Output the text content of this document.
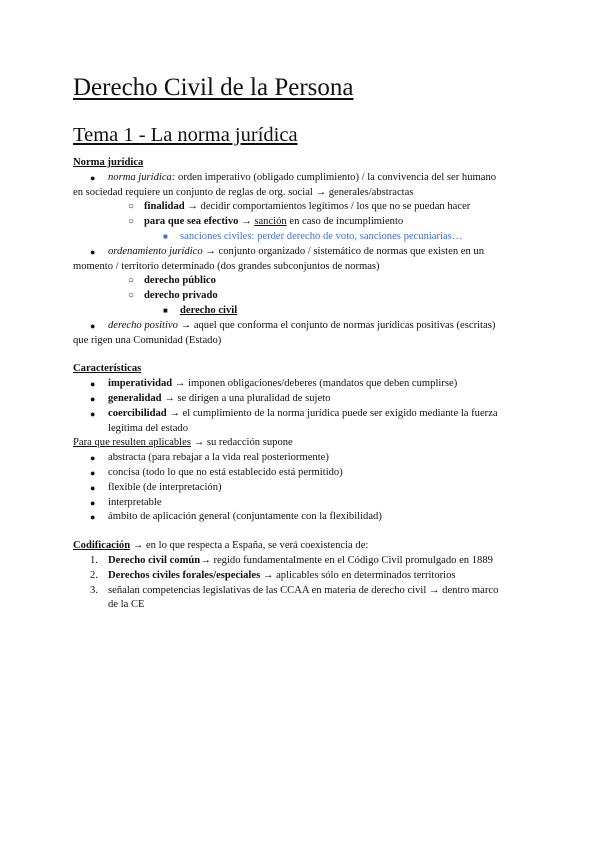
Derecho Civil de la Persona
Tema 1 - La norma jurídica

Norma jurídica

● norma jurídica: orden imperativo (obligado cumplimiento) / la convivencia del ser humano
en sociedad requiere un conjunto de reglas de org. social → generales/abstractas
○ finalidad → decidir comportamientos legítimos / los que no se puedan hacer
○ para que sea efectivo → sanción en caso de incumplimiento
■ sanciones civiles: perder derecho de voto, sanciones pecuniarias…
● ordenamiento jurídico → conjunto organizado / sistemático de normas que existen en un
momento / territorio determinado (dos grandes subconjuntos de normas)
○ derecho público
○ derecho privado
■ derecho civil
● derecho positivo → aquel que conforma el conjunto de normas jurídicas positivas (escritas)
que rigen una Comunidad (Estado)

Características

● imperatividad → imponen obligaciones/deberes (mandatos que deben cumplirse)
● generalidad → se dirigen a una pluralidad de sujeto
● coercibilidad → el cumplimiento de la norma jurídica puede ser exigido mediante la fuerza
legítima del estado

Para que resulten aplicables → su redacción supone

● abstracta (para rebajar a la vida real posteriormente)
● concisa (todo lo que no está establecido está permitido)
● flexible (de interpretación)
● interpretable
● ámbito de aplicación general (conjuntamente con la flexibilidad)

Codificación → en lo que respecta a España, se verá coexistencia de:

1. Derecho civil común→ regido fundamentalmente en el Código Civil promulgado en 1889
2. Derechos civiles forales/especiales → aplicables sólo en determinados territorios
3. señalan competencias legislativas de las CCAA en materia de derecho civil → dentro marco
de la CE
